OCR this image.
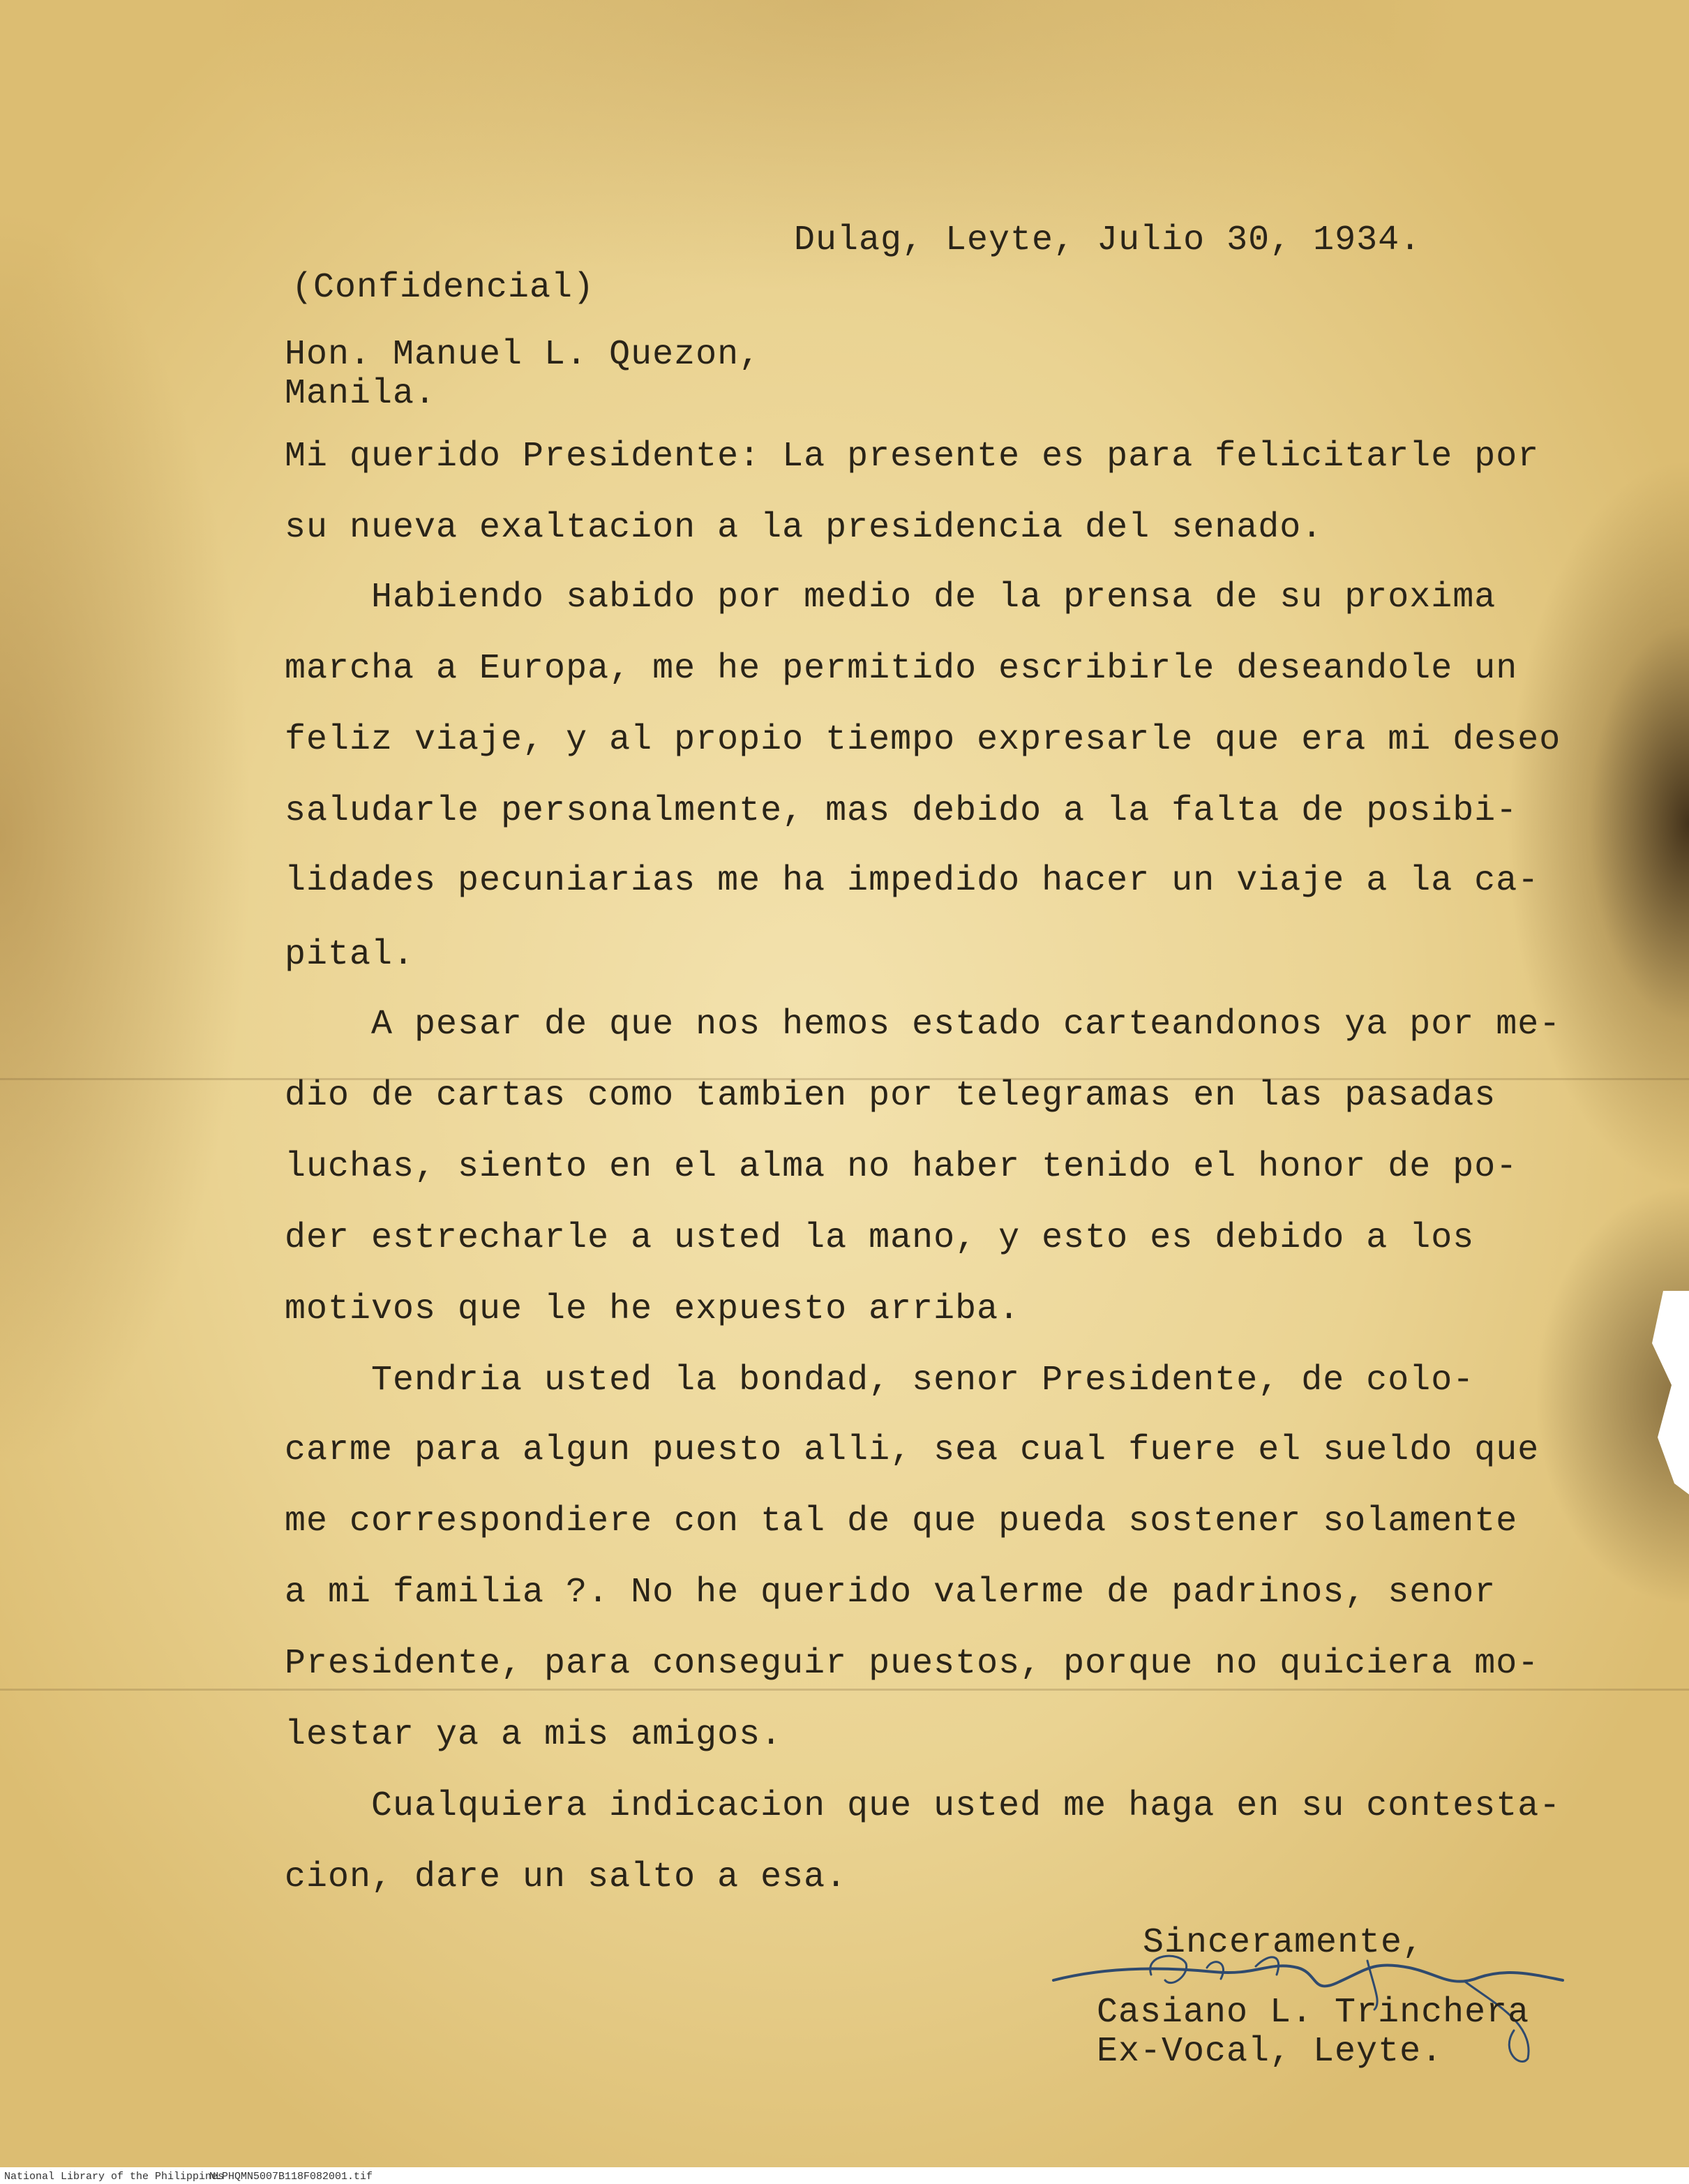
Dulag, Leyte, Julio 30, 1934.
(Confidencial)
Hon. Manuel L. Quezon,
Manila.
Mi querido Presidente: La presente es para felicitarle por
su nueva exaltacion a la presidencia del senado.
Habiendo sabido por medio de la prensa de su proxima
marcha a Europa, me he permitido escribirle deseandole un
feliz viaje, y al propio tiempo expresarle que era mi deseo
saludarle personalmente, mas debido a la falta de posibi-
lidades pecuniarias me ha impedido hacer un viaje a la ca-
pital.
A pesar de que nos hemos estado carteandonos ya por me-
dio de cartas como tambien por telegramas en las pasadas
luchas, siento en el alma no haber tenido el honor de po-
der estrecharle a usted la mano, y esto es debido a los
motivos que le he expuesto arriba.
Tendria usted la bondad, senor Presidente, de colo-
carme para algun puesto alli, sea cual fuere el sueldo que
me correspondiere con tal de que pueda sostener solamente
a mi familia ?. No he querido valerme de padrinos, senor
Presidente, para conseguir puestos, porque no quiciera mo-
lestar ya a mis amigos.
Cualquiera indicacion que usted me haga en su contesta-
cion, dare un salto a esa.
Sinceramente,
Casiano L. Trinchera
Ex-Vocal, Leyte.
National Library of the Philippines
NLPHQMN5007B118F082001.tif
